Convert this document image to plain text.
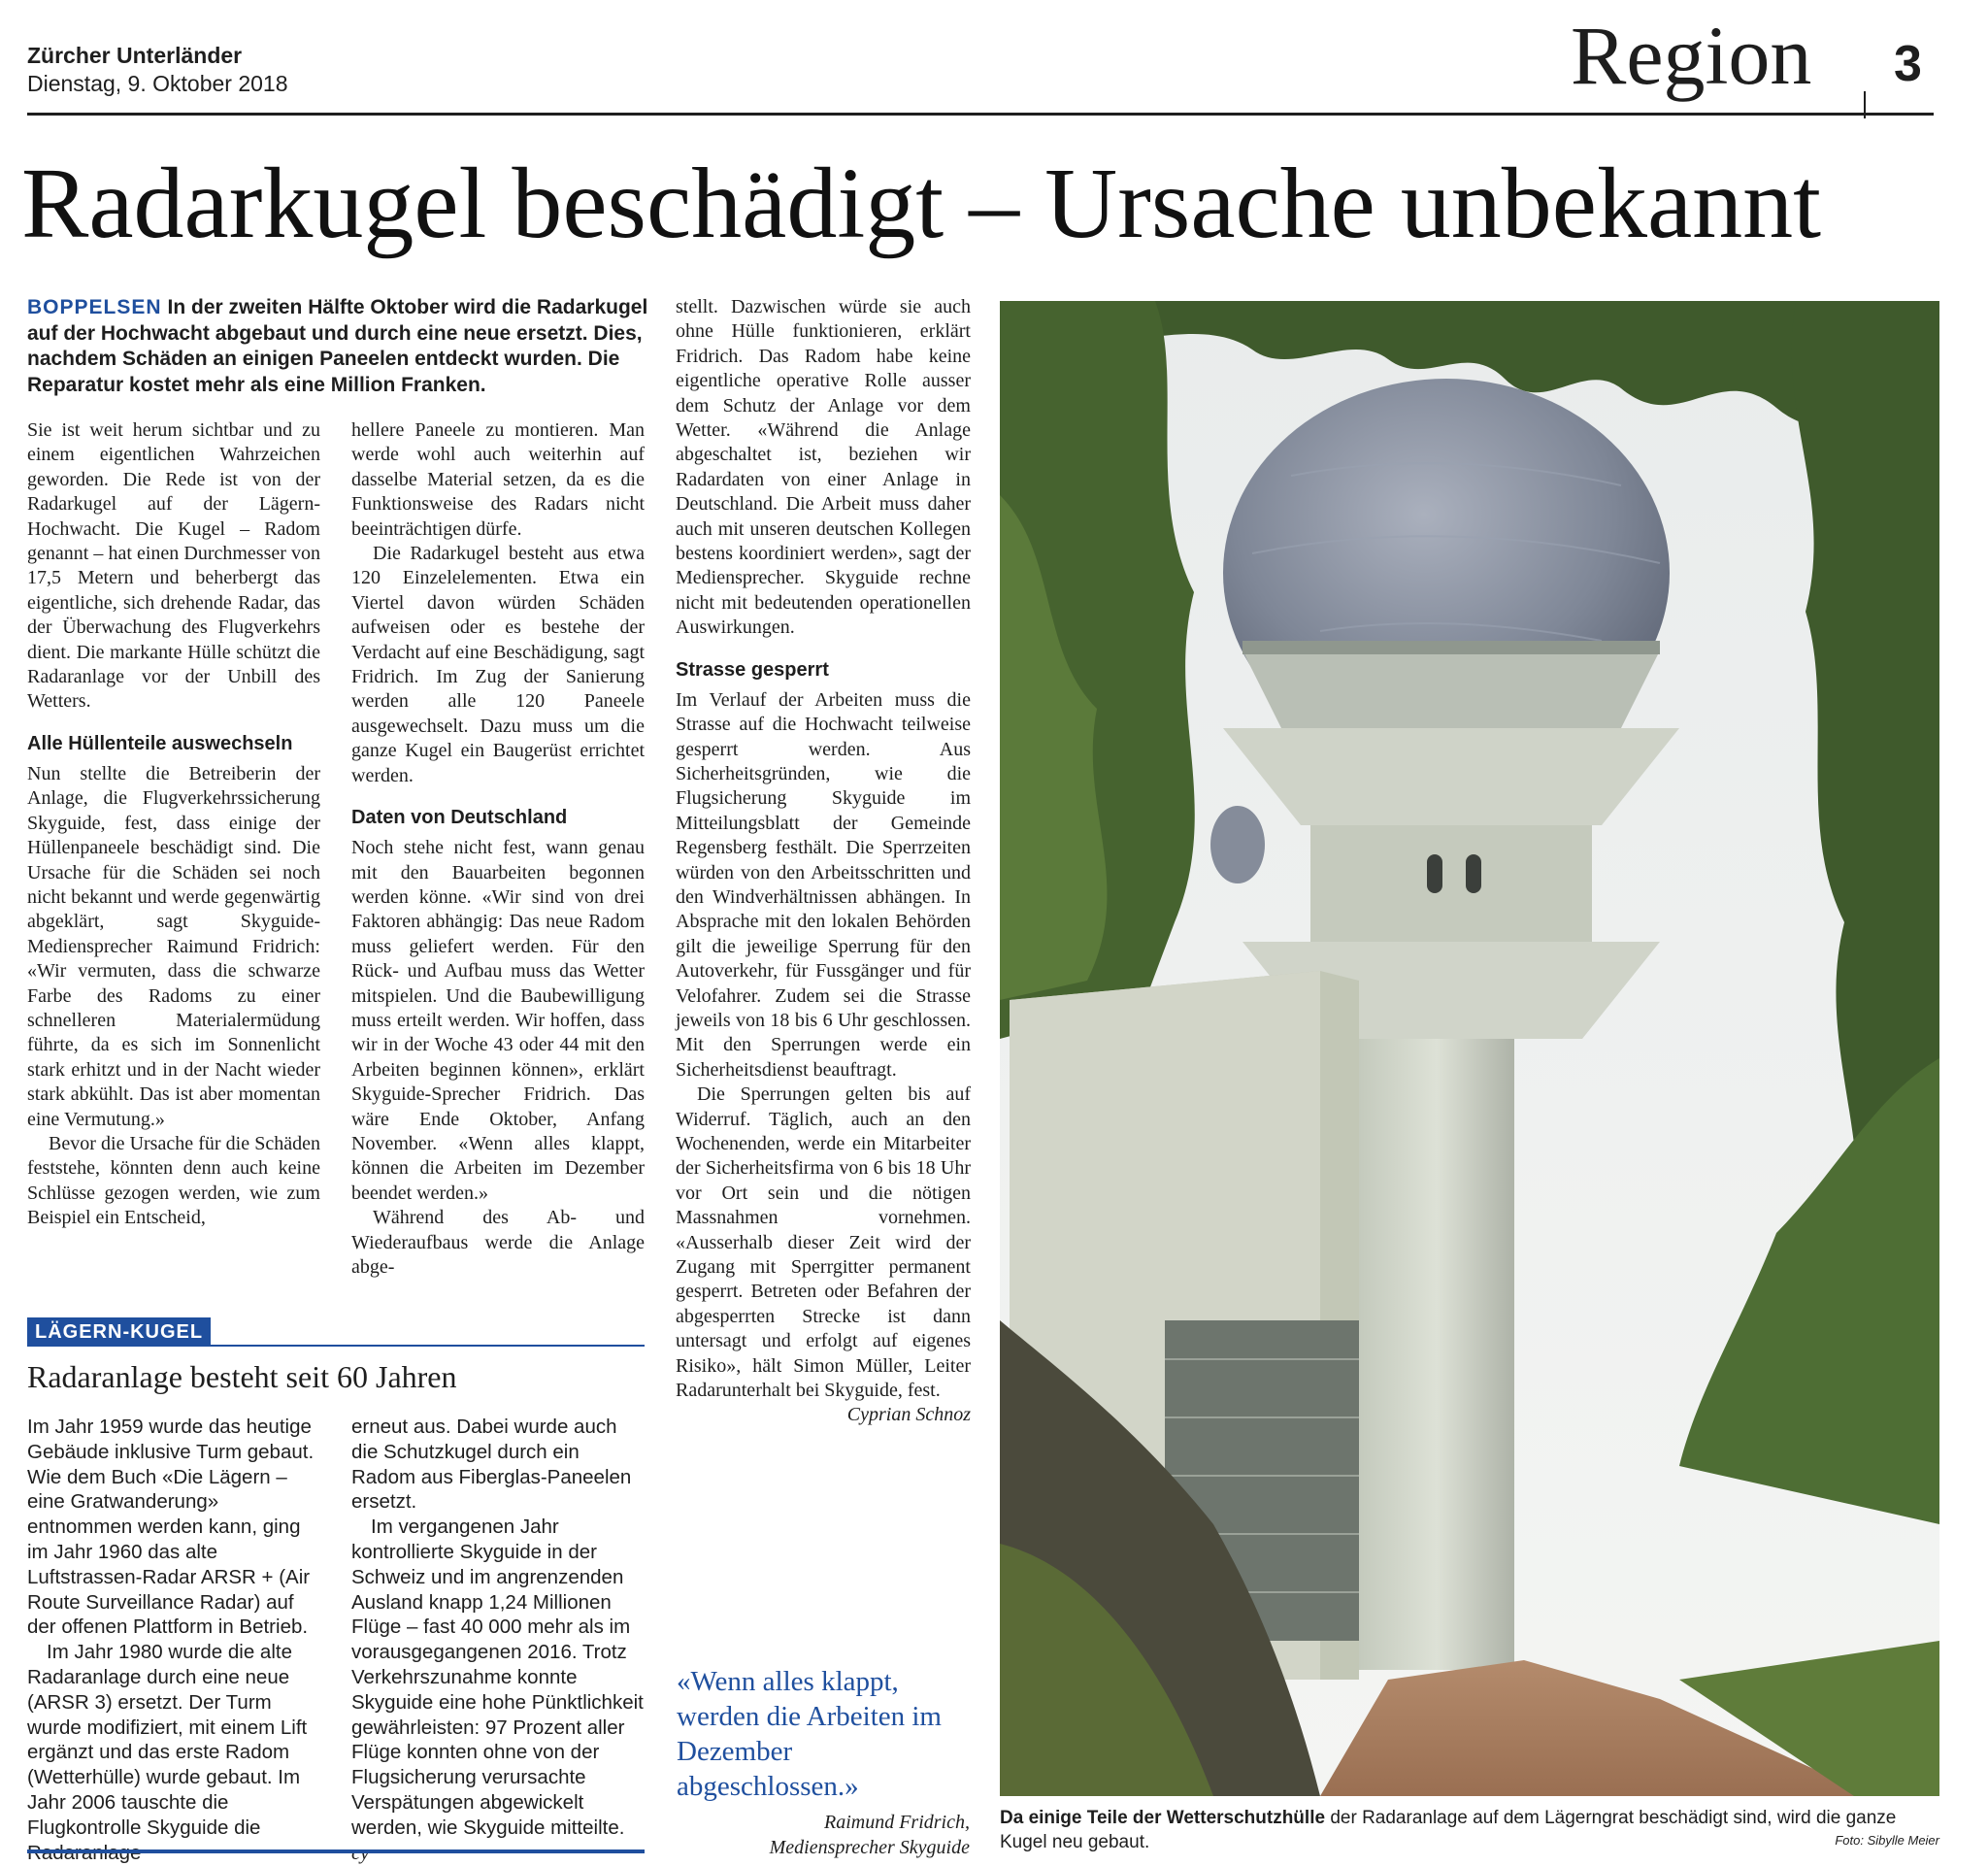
Zürcher Unterländer
Dienstag, 9. Oktober 2018	Region 3
Radarkugel beschädigt – Ursache unbekannt
BOPPELSEN In der zweiten Hälfte Oktober wird die Radarkugel auf der Hochwacht abgebaut und durch eine neue ersetzt. Dies, nachdem Schäden an einigen Paneelen entdeckt wurden. Die Reparatur kostet mehr als eine Million Franken.

Sie ist weit herum sichtbar und zu einem eigentlichen Wahrzeichen geworden. Die Rede ist von der Radarkugel auf der Lägern-Hochwacht. Die Kugel – Radom genannt – hat einen Durchmesser von 17,5 Metern und beherbergt das eigentliche, sich drehende Radar, das der Überwachung des Flugverkehrs dient. Die markante Hülle schützt die Radaranlage vor der Unbill des Wetters.

Alle Hüllenteile auswechseln

Nun stellte die Betreiberin der Anlage, die Flugverkehrssicherung Skyguide, fest, dass einige der Hüllenpaneele beschädigt sind. Die Ursache für die Schäden sei noch nicht bekannt und werde gegenwärtig abgeklärt, sagt Skyguide-Mediensprecher Raimund Fridrich: «Wir vermuten, dass die schwarze Farbe des Radoms zu einer schnelleren Materialermüdung führte, da es sich im Sonnenlicht stark erhitzt und in der Nacht wieder stark abkühlt. Das ist aber momentan eine Vermutung.»

Bevor die Ursache für die Schäden feststehe, könnten denn auch keine Schlüsse gezogen werden, wie zum Beispiel ein Entscheid,

hellere Paneele zu montieren. Man werde wohl auch weiterhin auf dasselbe Material setzen, da es die Funktionsweise des Radars nicht beeinträchtigen dürfe.

Die Radarkugel besteht aus etwa 120 Einzelelementen. Etwa ein Viertel davon würden Schäden aufweisen oder es bestehe der Verdacht auf eine Beschädigung, sagt Fridrich. Im Zug der Sanierung werden alle 120 Paneele ausgewechselt. Dazu muss um die ganze Kugel ein Baugerüst errichtet werden.

Daten von Deutschland

Noch stehe nicht fest, wann genau mit den Bauarbeiten begonnen werden könne. «Wir sind von drei Faktoren abhängig: Das neue Radom muss geliefert werden. Für den Rück- und Aufbau muss das Wetter mitspielen. Und die Baubewilligung muss erteilt werden. Wir hoffen, dass wir in der Woche 43 oder 44 mit den Arbeiten beginnen können», erklärt Skyguide-Sprecher Fridrich. Das wäre Ende Oktober, Anfang November. «Wenn alles klappt, können die Arbeiten im Dezember beendet werden.»

Während des Ab- und Wiederaufbaus werde die Anlage abge-

stellt. Dazwischen würde sie auch ohne Hülle funktionieren, erklärt Fridrich. Das Radom habe keine eigentliche operative Rolle ausser dem Schutz der Anlage vor dem Wetter. «Während die Anlage abgeschaltet ist, beziehen wir Radardaten von einer Anlage in Deutschland. Die Arbeit muss daher auch mit unseren deutschen Kollegen bestens koordiniert werden», sagt der Mediensprecher. Skyguide rechne nicht mit bedeutenden operationellen Auswirkungen.

Strasse gesperrt

Im Verlauf der Arbeiten muss die Strasse auf die Hochwacht teilweise gesperrt werden. Aus Sicherheitsgründen, wie die Flugsicherung Skyguide im Mitteilungsblatt der Gemeinde Regensberg festhält. Die Sperrzeiten würden von den Arbeitsschritten und den Windverhältnissen abhängen. In Absprache mit den lokalen Behörden gilt die jeweilige Sperrung für den Autoverkehr, für Fussgänger und für Velofahrer. Zudem sei die Strasse jeweils von 18 bis 6 Uhr geschlossen. Mit den Sperrungen werde ein Sicherheitsdienst beauftragt.

Die Sperrungen gelten bis auf Widerruf. Täglich, auch an den Wochenenden, werde ein Mitarbeiter der Sicherheitsfirma von 6 bis 18 Uhr vor Ort sein und die nötigen Massnahmen vornehmen. «Ausserhalb dieser Zeit wird der Zugang mit Sperrgitter permanent gesperrt. Betreten oder Befahren der abgesperrten Strecke ist dann untersagt und erfolgt auf eigenes Risiko», hält Simon Müller, Leiter Radarunterhalt bei Skyguide, fest.

Cyprian Schnoz

LÄGERN-KUGEL
Radaranlage besteht seit 60 Jahren

Im Jahr 1959 wurde das heutige Gebäude inklusive Turm gebaut. Wie dem Buch «Die Lägern – eine Gratwanderung» entnommen werden kann, ging im Jahr 1960 das alte Luftstrassen-Radar ARSR + (Air Route Surveillance Radar) auf der offenen Plattform in Betrieb.

Im Jahr 1980 wurde die alte Radaranlage durch eine neue (ARSR 3) ersetzt. Der Turm wurde modifiziert, mit einem Lift ergänzt und das erste Radom (Wetterhülle) wurde gebaut. Im Jahr 2006 tauschte die Flugkontrolle Skyguide die

erneut aus. Dabei wurde auch die Schutzkugel durch ein Radom aus Fiberglas-Paneelen ersetzt.

Im vergangenen Jahr kontrollierte Skyguide in der Schweiz und im angrenzenden Ausland knapp 1,24 Millionen Flüge – fast 40 000 mehr als im vorausgegangenen 2016. Trotz Verkehrszunahme konnte Skyguide eine hohe Pünktlichkeit gewährleisten: 97 Prozent aller Flüge konnten ohne von der Flugsicherung verursachte Verspätungen abgewickelt werden, wie Skyguide mitteilte.

«Wenn alles klappt, werden die Arbeiten im Dezember abgeschlossen.»
Raimund Fridrich,
Mediensprecher Skyguide
Da einige Teile der Wetterschutzhülle der Radaranlage auf dem Lägerngrat beschädigt sind, wird die ganze Kugel neu gebaut.	Foto: Sibylle Meier
